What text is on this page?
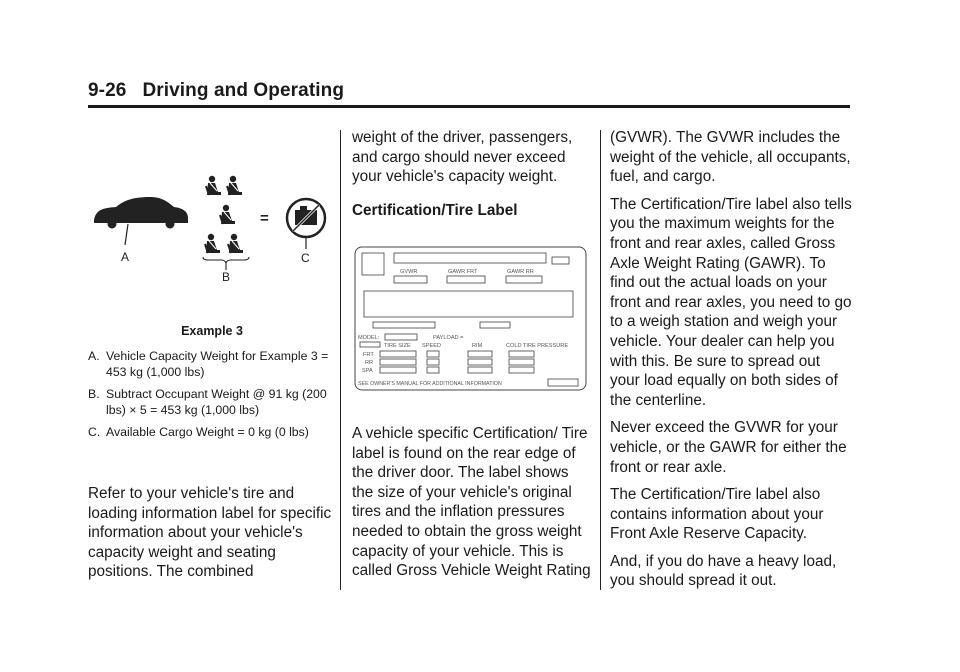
9-26 Driving and Operating
A
–
B
=
C
Example 3
A. Vehicle Capacity Weight for Example 3 = 453 kg (1,000 lbs)
B. Subtract Occupant Weight @ 91 kg (200 lbs) × 5 = 453 kg (1,000 lbs)
C. Available Cargo Weight = 0 kg (0 lbs)

Refer to your vehicle's tire and loading information label for specific information about your vehicle's capacity weight and seating positions. The combined

weight of the driver, passengers, and cargo should never exceed your vehicle's capacity weight.

Certification/Tire Label
GVWR	GAWR FRT	GAWR RR
MODEL:	PAYLOAD =
TIRE SIZE SPEED	RIM	COLD TIRE PRESSURE
FRT
RR
SPA
SEE OWNER'S MANUAL FOR ADDITIONAL INFORMATION

A vehicle specific Certification/ Tire label is found on the rear edge of the driver door. The label shows the size of your vehicle's original tires and the inflation pressures needed to obtain the gross weight capacity of your vehicle. This is called Gross Vehicle Weight Rating

(GVWR). The GVWR includes the weight of the vehicle, all occupants, fuel, and cargo.

The Certification/Tire label also tells you the maximum weights for the front and rear axles, called Gross Axle Weight Rating (GAWR). To find out the actual loads on your front and rear axles, you need to go to a weigh station and weigh your vehicle. Your dealer can help you with this. Be sure to spread out your load equally on both sides of the centerline.

Never exceed the GVWR for your vehicle, or the GAWR for either the front or rear axle.

The Certification/Tire label also contains information about your Front Axle Reserve Capacity.

And, if you do have a heavy load, you should spread it out.
